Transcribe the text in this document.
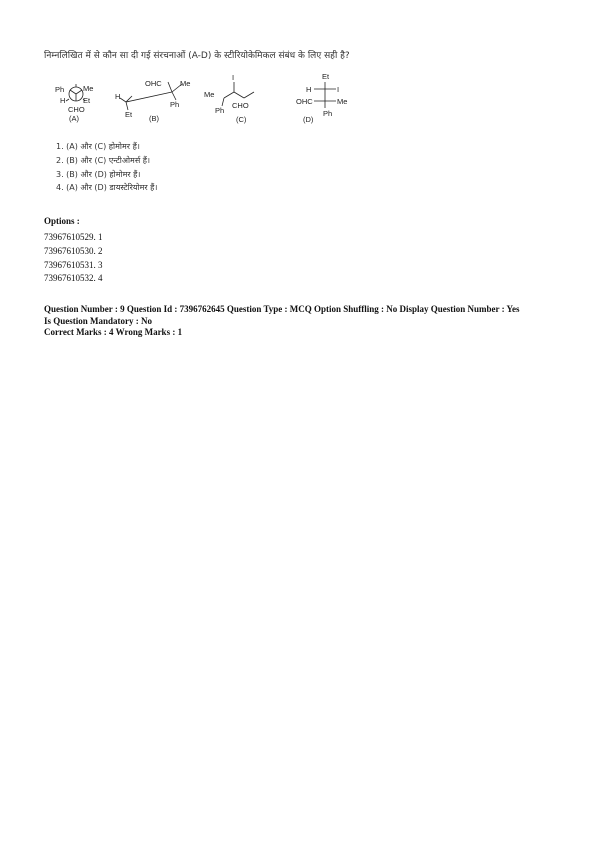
निम्नलिखित में से कौन सा दी गई संरचनाओं (A-D) के स्टीरियोकेमिकल संबंध के लिए सही है?
Ph	Me
H Et
CHO
(A)
OHC Me
H
Ph
Et (B)
I
Me
CHO
Ph
(C)
Et
H	I
OHC	Me
Ph
(D)
1. (A) और (C) होमोमर हैं।
2. (B) और (C) एन्टीओमर्स हैं।
3. (B) और (D) होमोमर हैं।
4. (A) और (D) डायस्टेरियोमर हैं।
Options :
73967610529. 1
73967610530. 2
73967610531. 3
73967610532. 4
Question Number : 9 Question Id : 7396762645 Question Type : MCQ Option Shuffling : No Display Question Number : Yes
Is Question Mandatory : No
Correct Marks : 4 Wrong Marks : 1
